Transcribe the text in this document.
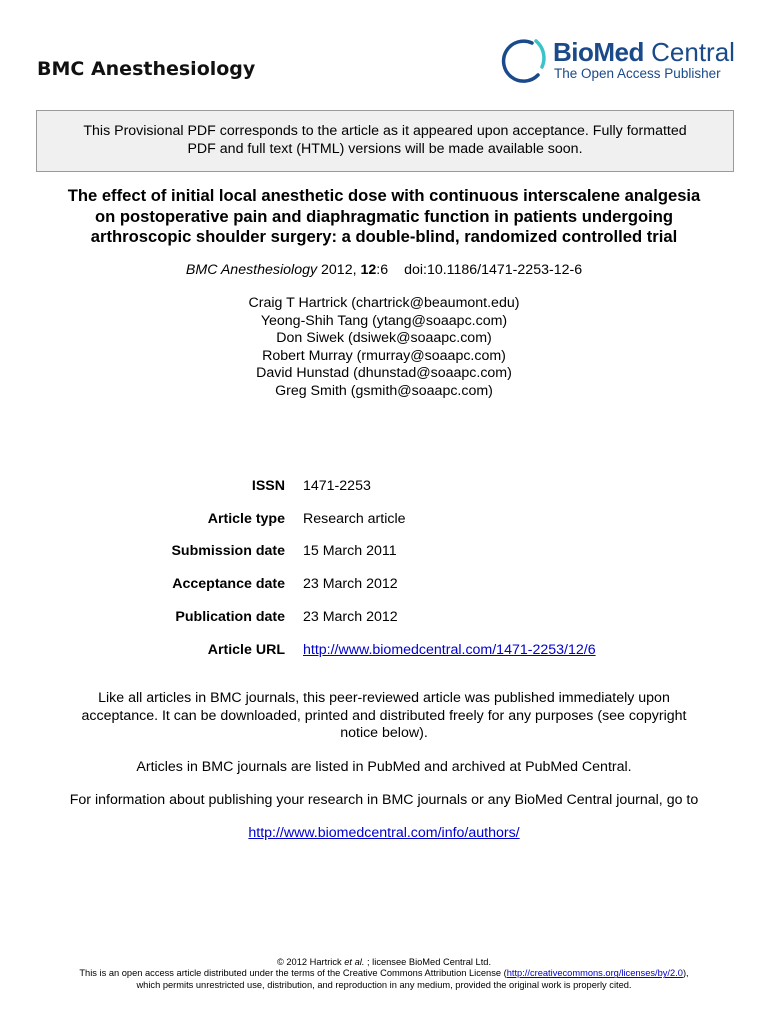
BMC Anesthesiology
BioMed Central
The Open Access Publisher
This Provisional PDF corresponds to the article as it appeared upon acceptance. Fully formatted
PDF and full text (HTML) versions will be made available soon.
The effect of initial local anesthetic dose with continuous interscalene analgesia
on postoperative pain and diaphragmatic function in patients undergoing
arthroscopic shoulder surgery: a double-blind, randomized controlled trial
BMC Anesthesiology 2012, 12:6 doi:10.1186/1471-2253-12-6
Craig T Hartrick (chartrick@beaumont.edu)
Yeong-Shih Tang (ytang@soaapc.com)
Don Siwek (dsiwek@soaapc.com)
Robert Murray (rmurray@soaapc.com)
David Hunstad (dhunstad@soaapc.com)
Greg Smith (gsmith@soaapc.com)
ISSN 1471-2253
Article type Research article
Submission date 15 March 2011
Acceptance date 23 March 2012
Publication date 23 March 2012
Article URL http://www.biomedcentral.com/1471-2253/12/6
Like all articles in BMC journals, this peer-reviewed article was published immediately upon
acceptance. It can be downloaded, printed and distributed freely for any purposes (see copyright
notice below).
Articles in BMC journals are listed in PubMed and archived at PubMed Central.
For information about publishing your research in BMC journals or any BioMed Central journal, go to
http://www.biomedcentral.com/info/authors/
© 2012 Hartrick et al. ; licensee BioMed Central Ltd.
This is an open access article distributed under the terms of the Creative Commons Attribution License (http://creativecommons.org/licenses/by/2.0),
which permits unrestricted use, distribution, and reproduction in any medium, provided the original work is properly cited.
